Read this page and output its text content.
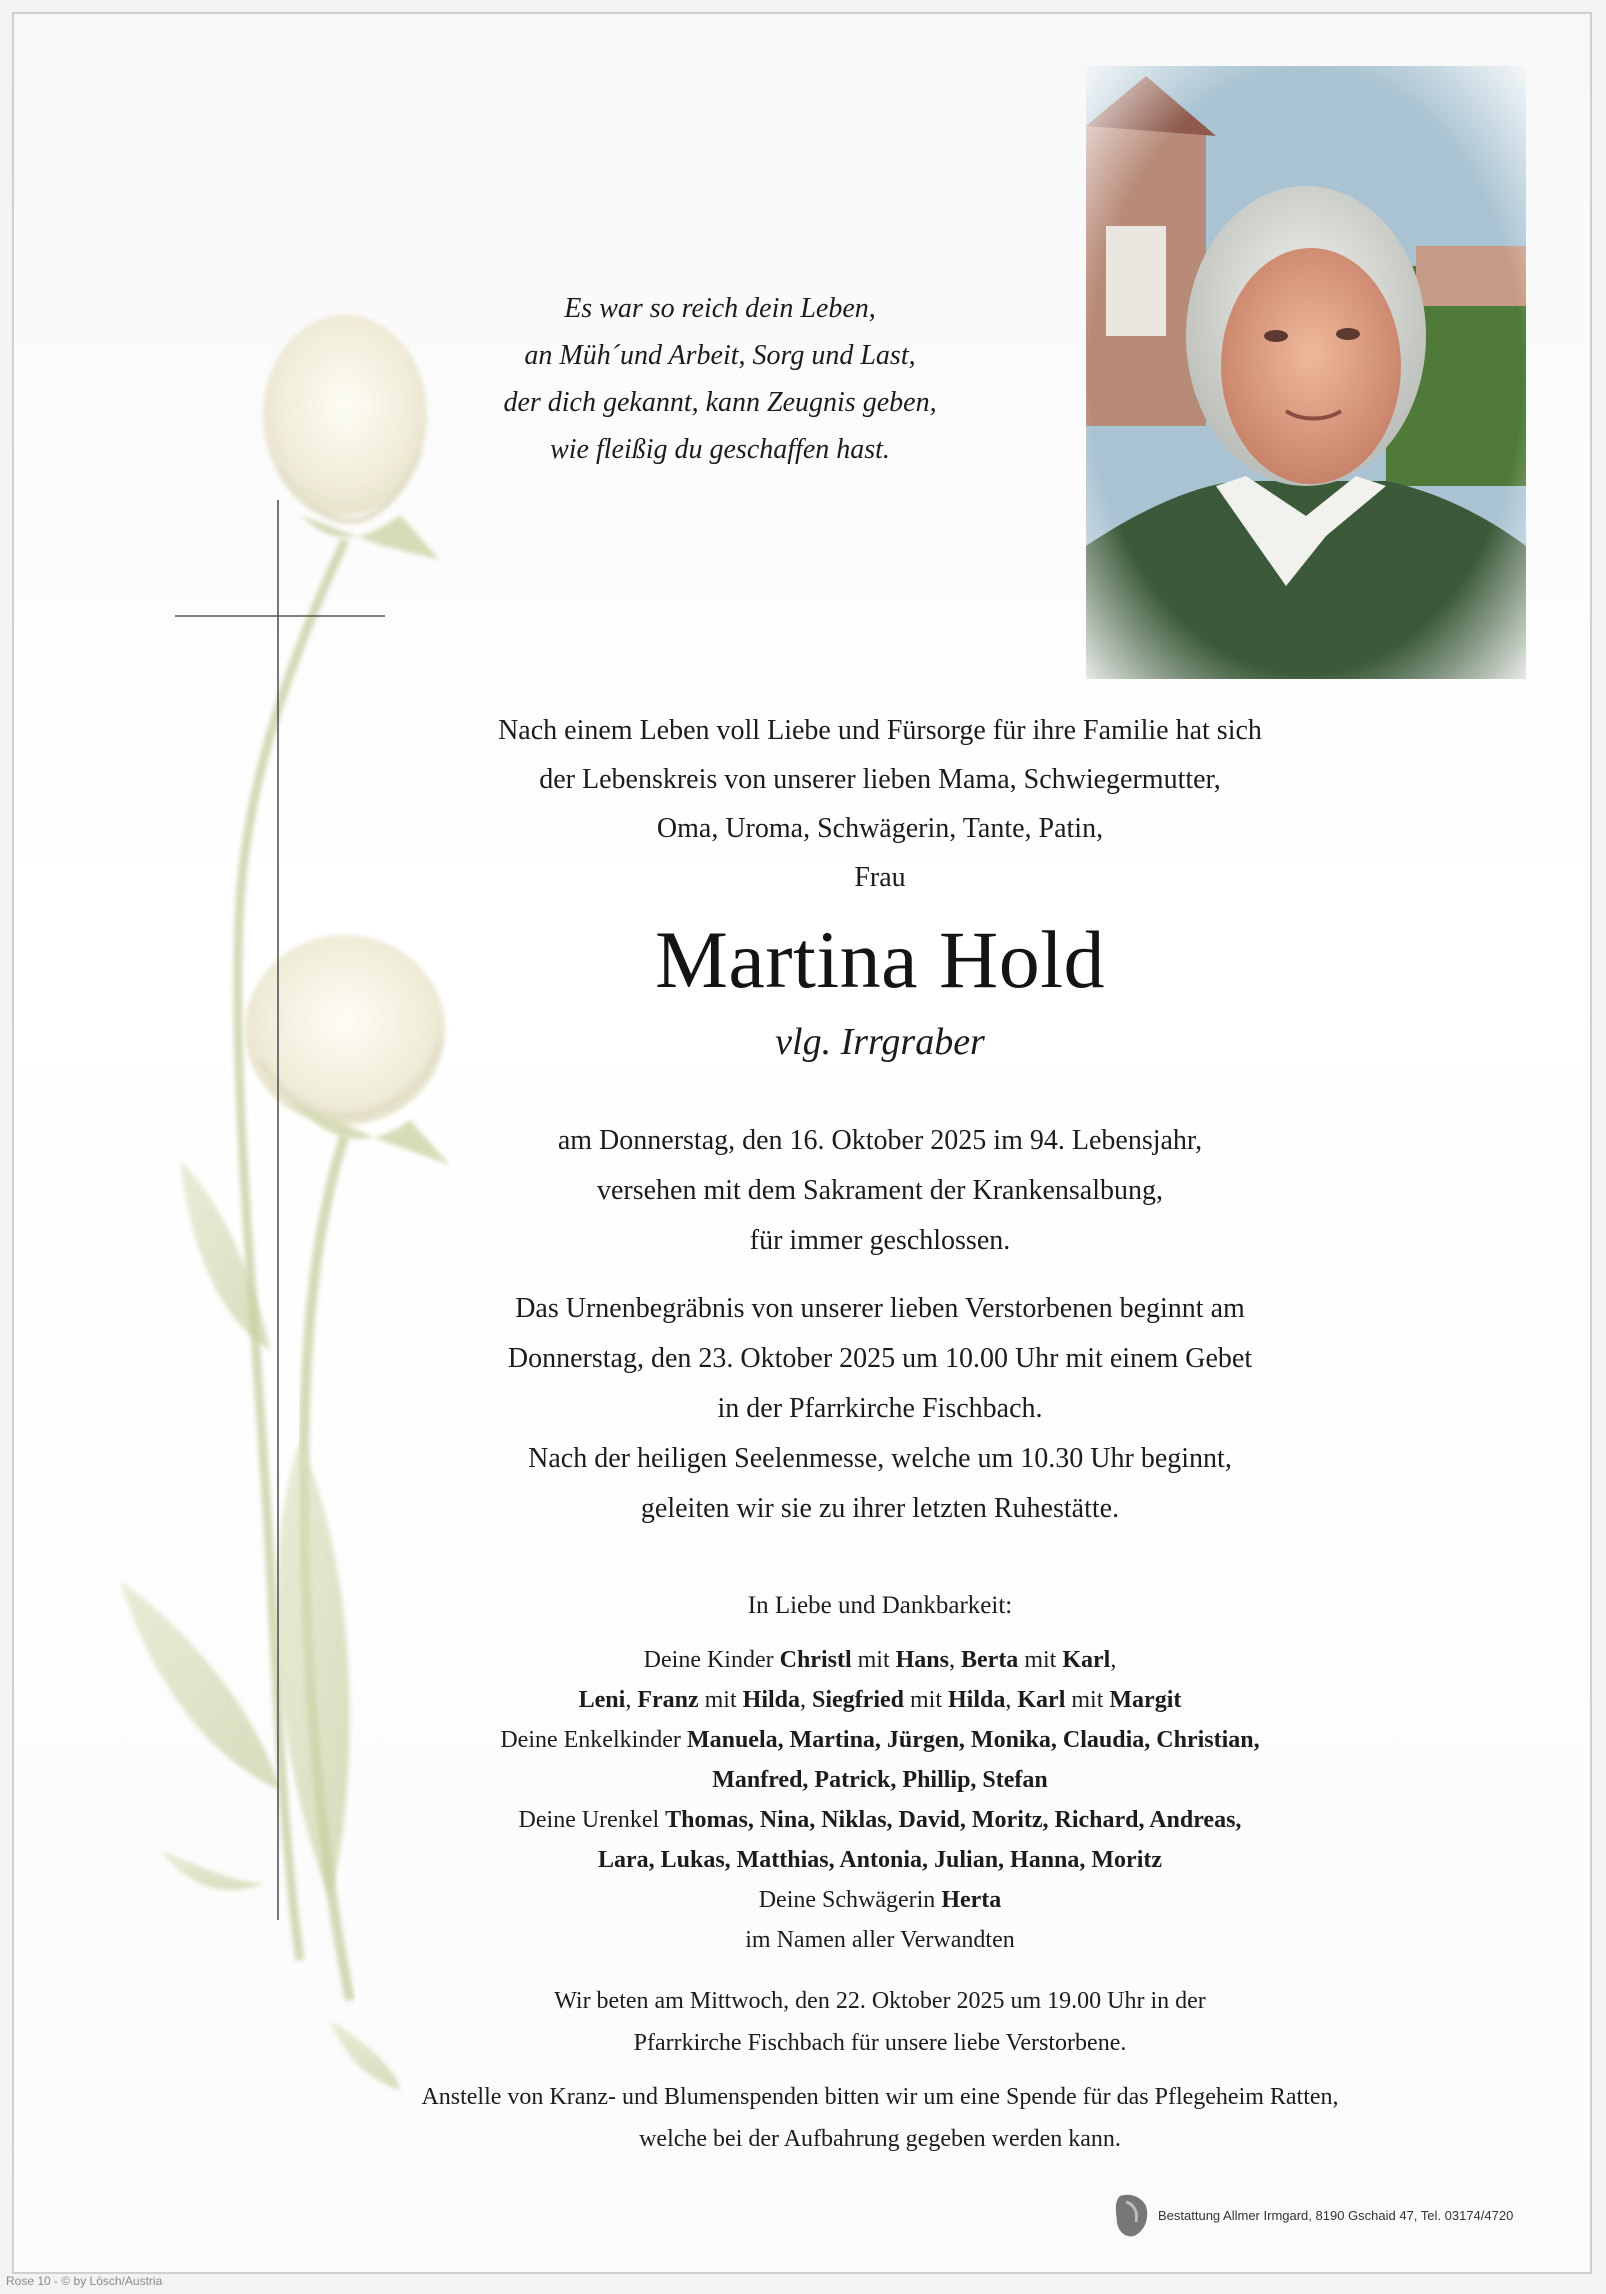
Es war so reich dein Leben,
an Müh´und Arbeit, Sorg und Last,
der dich gekannt, kann Zeugnis geben,
wie fleißig du geschaffen hast.
Nach einem Leben voll Liebe und Fürsorge für ihre Familie hat sich
der Lebenskreis von unserer lieben Mama, Schwiegermutter,
Oma, Uroma, Schwägerin, Tante, Patin,
Frau
Martina Hold
vlg. Irrgraber
am Donnerstag, den 16. Oktober 2025 im 94. Lebensjahr,
versehen mit dem Sakrament der Krankensalbung,
für immer geschlossen.
Das Urnenbegräbnis von unserer lieben Verstorbenen beginnt am
Donnerstag, den 23. Oktober 2025 um 10.00 Uhr mit einem Gebet
in der Pfarrkirche Fischbach.
Nach der heiligen Seelenmesse, welche um 10.30 Uhr beginnt,
geleiten wir sie zu ihrer letzten Ruhestätte.
In Liebe und Dankbarkeit:
Deine Kinder Christl mit Hans, Berta mit Karl,
Leni, Franz mit Hilda, Siegfried mit Hilda, Karl mit Margit
Deine Enkelkinder Manuela, Martina, Jürgen, Monika, Claudia, Christian,
Manfred, Patrick, Phillip, Stefan
Deine Urenkel Thomas, Nina, Niklas, David, Moritz, Richard, Andreas,
Lara, Lukas, Matthias, Antonia, Julian, Hanna, Moritz
Deine Schwägerin Herta
im Namen aller Verwandten
Wir beten am Mittwoch, den 22. Oktober 2025 um 19.00 Uhr in der
Pfarrkirche Fischbach für unsere liebe Verstorbene.
Anstelle von Kranz- und Blumenspenden bitten wir um eine Spende für das Pflegeheim Ratten,
welche bei der Aufbahrung gegeben werden kann.
Bestattung Allmer Irmgard, 8190 Gschaid 47, Tel. 03174/4720
Rose 10 - © by Lösch/Austria
